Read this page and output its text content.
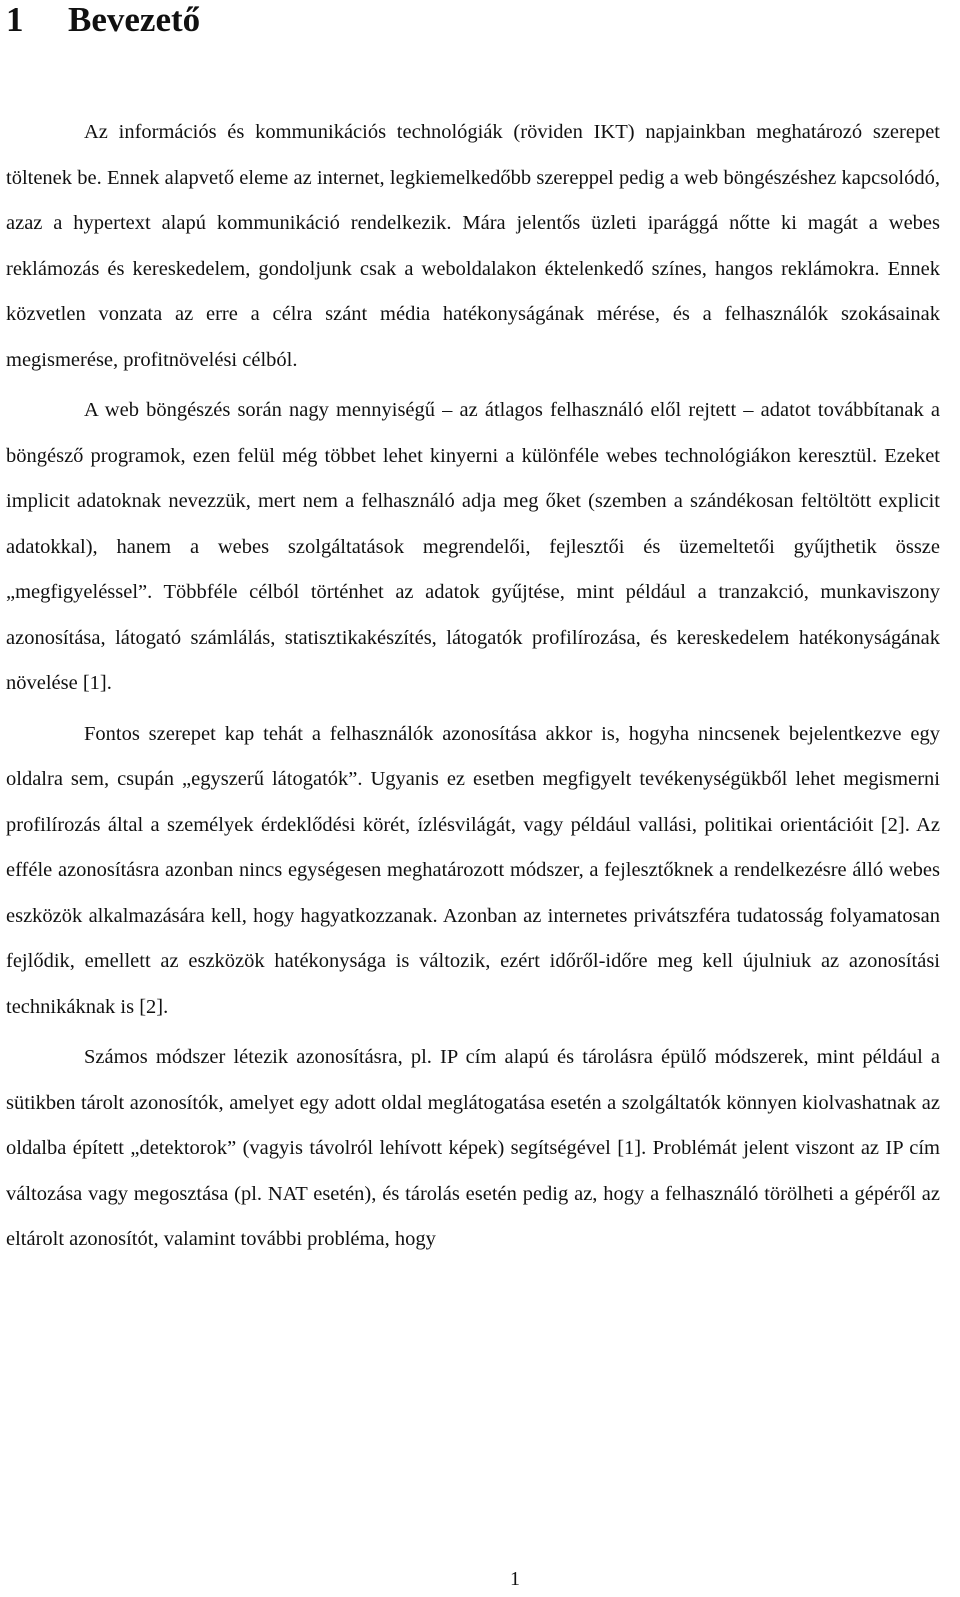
1 Bevezető

Az információs és kommunikációs technológiák (röviden IKT) napjainkban meghatározó szerepet töltenek be. Ennek alapvető eleme az internet, legkiemelkedőbb szereppel pedig a web böngészéshez kapcsolódó, azaz a hypertext alapú kommunikáció rendelkezik. Mára jelentős üzleti iparággá nőtte ki magát a webes reklámozás és kereskedelem, gondoljunk csak a weboldalakon éktelenkedő színes, hangos reklámokra. Ennek közvetlen vonzata az erre a célra szánt média hatékonyságának mérése, és a felhasználók szokásainak megismerése, profitnövelési célból.

A web böngészés során nagy mennyiségű – az átlagos felhasználó elől rejtett – adatot továbbítanak a böngésző programok, ezen felül még többet lehet kinyerni a különféle webes technológiákon keresztül. Ezeket implicit adatoknak nevezzük, mert nem a felhasználó adja meg őket (szemben a szándékosan feltöltött explicit adatokkal), hanem a webes szolgáltatások megrendelői, fejlesztői és üzemeltetői gyűjthetik össze „megfigyeléssel”. Többféle célból történhet az adatok gyűjtése, mint például a tranzakció, munkaviszony azonosítása, látogató számlálás, statisztikakészítés, látogatók profilírozása, és kereskedelem hatékonyságának növelése [1].

Fontos szerepet kap tehát a felhasználók azonosítása akkor is, hogyha nincsenek bejelentkezve egy oldalra sem, csupán „egyszerű látogatók”. Ugyanis ez esetben megfigyelt tevékenységükből lehet megismerni profilírozás által a személyek érdeklődési körét, ízlésvilágát, vagy például vallási, politikai orientációit [2]. Az efféle azonosításra azonban nincs egységesen meghatározott módszer, a fejlesztőknek a rendelkezésre álló webes eszközök alkalmazására kell, hogy hagyatkozzanak. Azonban az internetes privátszféra tudatosság folyamatosan fejlődik, emellett az eszközök hatékonysága is változik, ezért időről-időre meg kell újulniuk az azonosítási technikáknak is [2].

Számos módszer létezik azonosításra, pl. IP cím alapú és tárolásra épülő módszerek, mint például a sütikben tárolt azonosítók, amelyet egy adott oldal meglátogatása esetén a szolgáltatók könnyen kiolvashatnak az oldalba épített „detektorok” (vagyis távolról lehívott képek) segítségével [1]. Problémát jelent viszont az IP cím változása vagy megosztása (pl. NAT esetén), és tárolás esetén pedig az, hogy a felhasználó törölheti a gépéről az eltárolt azonosítót, valamint további probléma, hogy

1
